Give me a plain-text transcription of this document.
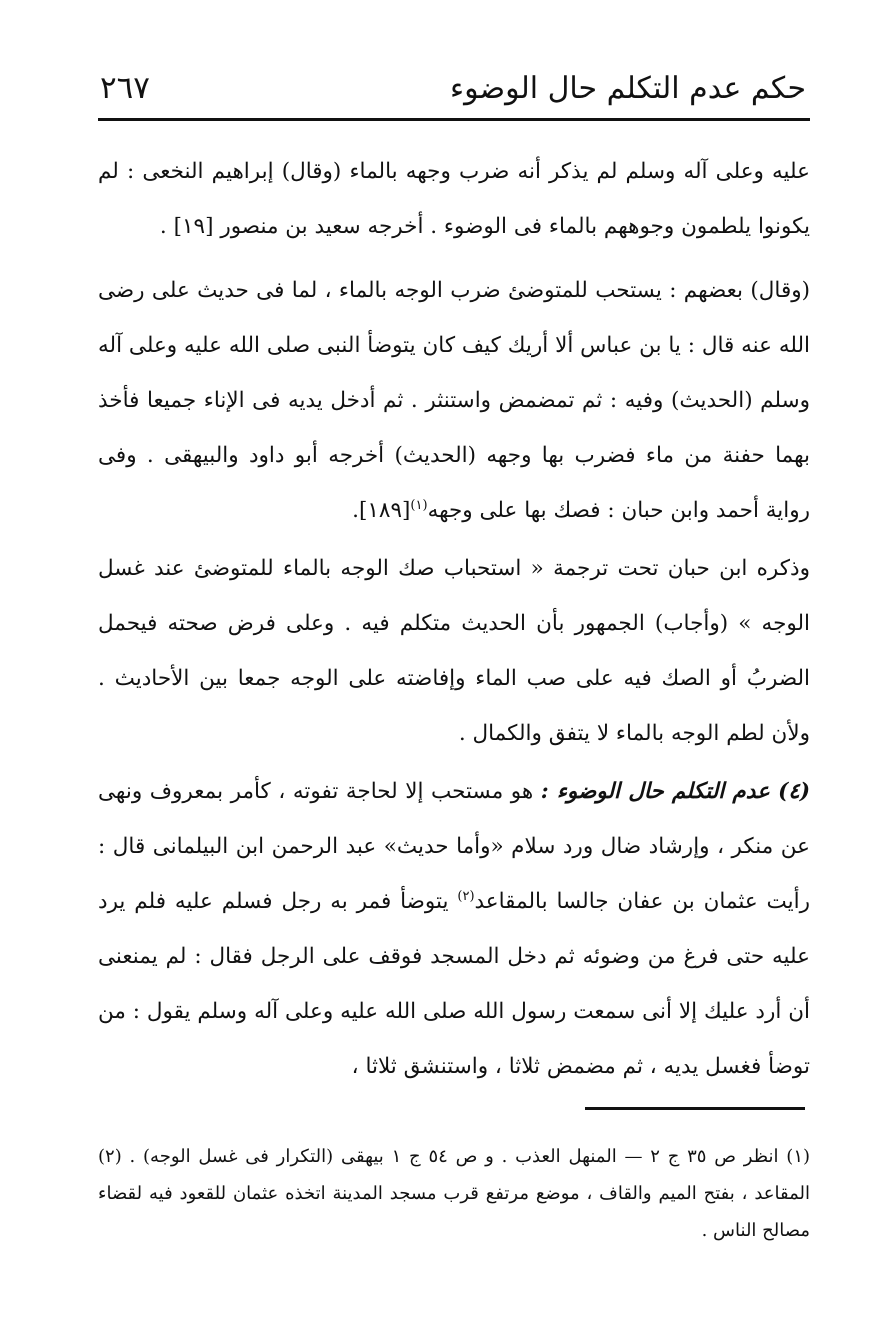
حكم عدم التكلم حال الوضوء
٢٦٧

عليه وعلى آله وسلم لم يذكر أنه ضرب وجهه بالماء (وقال) إبراهيم النخعى : لم يكونوا يلطمون وجوههم بالماء فى الوضوء . أخرجه سعيد بن منصور [١٩] .

(وقال) بعضهم : يستحب للمتوضئ ضرب الوجه بالماء ، لما فى حديث على رضى الله عنه قال : يا بن عباس ألا أريك كيف كان يتوضأ النبى صلى الله عليه وعلى آله وسلم (الحديث) وفيه : ثم تمضمض واستنثر . ثم أدخل يديه فى الإناء جميعا فأخذ بهما حفنة من ماء فضرب بها وجهه (الحديث) أخرجه أبو داود والبيهقى . وفى رواية أحمد وابن حبان : فصك بها على وجهه$^{(١)}$[١٨٩].

وذكره ابن حبان تحت ترجمة « استحباب صك الوجه بالماء للمتوضئ عند غسل الوجه » (وأجاب) الجمهور بأن الحديث متكلم فيه . وعلى فرض صحته فيحمل الضربُ أو الصك فيه على صب الماء وإفاضته على الوجه جمعا بين الأحاديث . ولأن لطم الوجه بالماء لا يتفق والكمال .

(٤) عدم التكلم حال الوضوء : هو مستحب إلا لحاجة تفوته ، كأمر بمعروف ونهى عن منكر ، وإرشاد ضال ورد سلام «وأما حديث» عبد الرحمن ابن البيلمانى قال : رأيت عثمان بن عفان جالسا بالمقاعد$^{(٢)}$ يتوضأ فمر به رجل فسلم عليه فلم يرد عليه حتى فرغ من وضوئه ثم دخل المسجد فوقف على الرجل فقال : لم يمنعنى أن أرد عليك إلا أنى سمعت رسول الله صلى الله عليه وعلى آله وسلم يقول : من توضأ فغسل يديه ، ثم مضمض ثلاثا ، واستنشق ثلاثا ،

(١) انظر ص ٣٥ ج ٢ — المنهل العذب . و ص ٥٤ ج ١ بيهقى (التكرار فى غسل الوجه) . (٢) المقاعد ، بفتح الميم والقاف ، موضع مرتفع قرب مسجد المدينة اتخذه عثمان للقعود فيه لقضاء مصالح الناس .
